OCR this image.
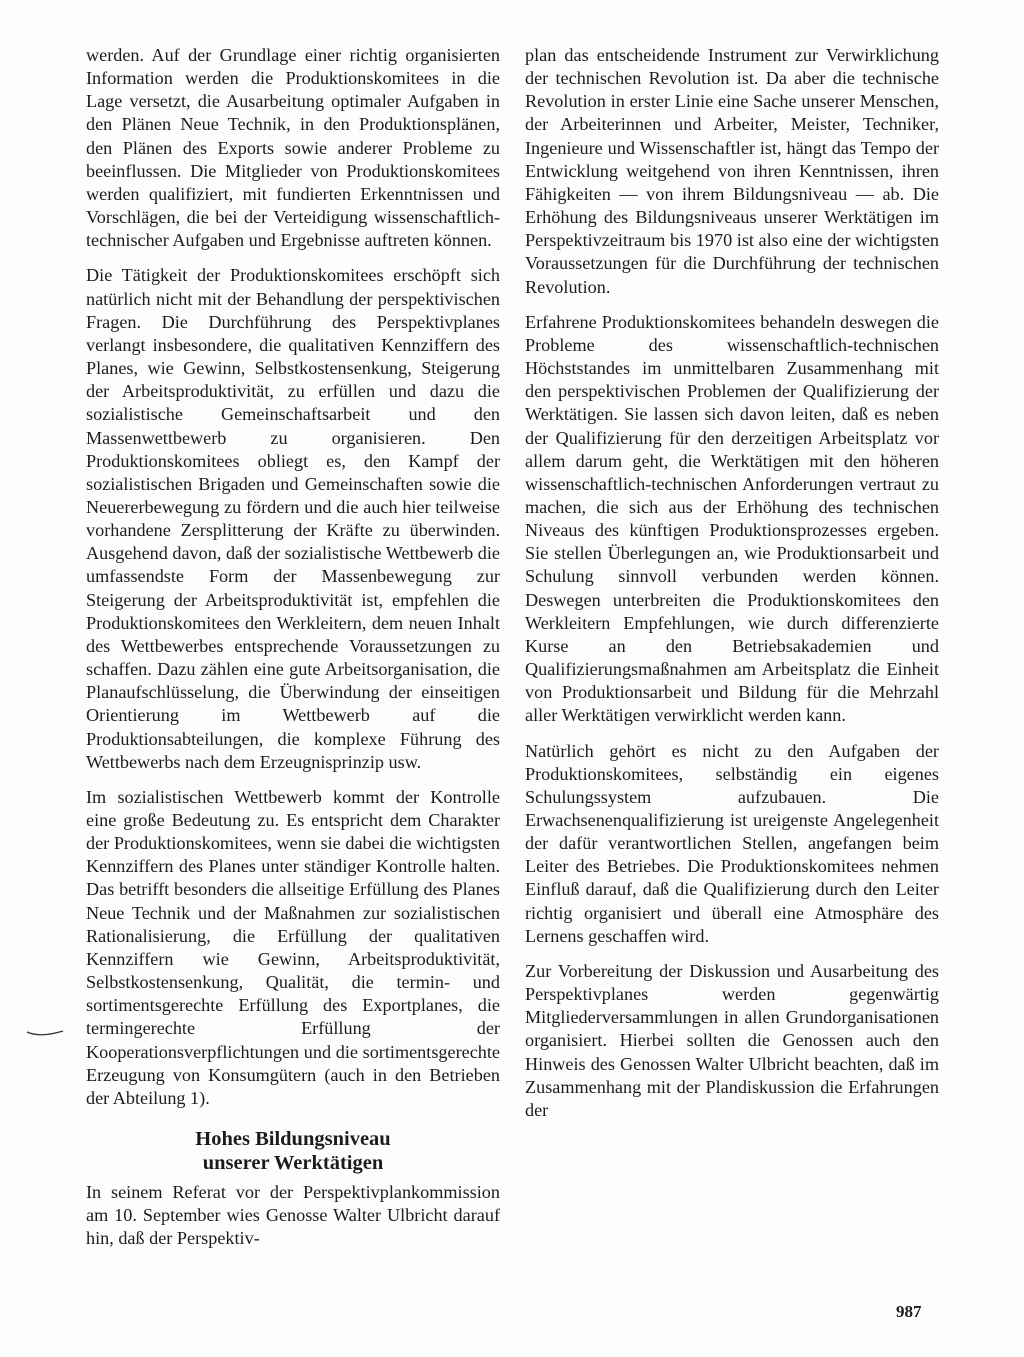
werden. Auf der Grundlage einer richtig organisierten Information werden die Produktionskomitees in die Lage versetzt, die Ausarbeitung optimaler Aufgaben in den Plänen Neue Technik, in den Produktionsplänen, den Plänen des Exports sowie anderer Probleme zu beeinflussen. Die Mitglieder von Produktionskomitees werden qualifiziert, mit fundierten Erkenntnissen und Vorschlägen, die bei der Verteidigung wissenschaftlich-technischer Aufgaben und Ergebnisse auftreten können.

Die Tätigkeit der Produktionskomitees erschöpft sich natürlich nicht mit der Behandlung der perspektivischen Fragen. Die Durchführung des Perspektivplanes verlangt insbesondere, die qualitativen Kennziffern des Planes, wie Gewinn, Selbstkostensenkung, Steigerung der Arbeitsproduktivität, zu erfüllen und dazu die sozialistische Gemeinschaftsarbeit und den Massenwettbewerb zu organisieren. Den Produktionskomitees obliegt es, den Kampf der sozialistischen Brigaden und Gemeinschaften sowie die Neuererbewegung zu fördern und die auch hier teilweise vorhandene Zersplitterung der Kräfte zu überwinden. Ausgehend davon, daß der sozialistische Wettbewerb die umfassendste Form der Massenbewegung zur Steigerung der Arbeitsproduktivität ist, empfehlen die Produktionskomitees den Werkleitern, dem neuen Inhalt des Wettbewerbes entsprechende Voraussetzungen zu schaffen. Dazu zählen eine gute Arbeitsorganisation, die Planaufschlüsselung, die Überwindung der einseitigen Orientierung im Wettbewerb auf die Produktionsabteilungen, die komplexe Führung des Wettbewerbs nach dem Erzeugnisprinzip usw.

Im sozialistischen Wettbewerb kommt der Kontrolle eine große Bedeutung zu. Es entspricht dem Charakter der Produktionskomitees, wenn sie dabei die wichtigsten Kennziffern des Planes unter ständiger Kontrolle halten. Das betrifft besonders die allseitige Erfüllung des Planes Neue Technik und der Maßnahmen zur sozialistischen Rationalisierung, die Erfüllung der qualitativen Kennziffern wie Gewinn, Arbeitsproduktivität, Selbstkostensenkung, Qualität, die termin- und sortimentsgerechte Erfüllung des Exportplanes, die termingerechte Erfüllung der Kooperationsverpflichtungen und die sortimentsgerechte Erzeugung von Konsumgütern (auch in den Betrieben der Abteilung 1).

Hohes Bildungsniveau
unserer Werktätigen

In seinem Referat vor der Perspektivplankommission am 10. September wies Genosse Walter Ulbricht darauf hin, daß der Perspektiv-

plan das entscheidende Instrument zur Verwirklichung der technischen Revolution ist. Da aber die technische Revolution in erster Linie eine Sache unserer Menschen, der Arbeiterinnen und Arbeiter, Meister, Techniker, Ingenieure und Wissenschaftler ist, hängt das Tempo der Entwicklung weitgehend von ihren Kenntnissen, ihren Fähigkeiten — von ihrem Bildungsniveau — ab. Die Erhöhung des Bildungsniveaus unserer Werktätigen im Perspektivzeitraum bis 1970 ist also eine der wichtigsten Voraussetzungen für die Durchführung der technischen Revolution.

Erfahrene Produktionskomitees behandeln deswegen die Probleme des wissenschaftlich-technischen Höchststandes im unmittelbaren Zusammenhang mit den perspektivischen Problemen der Qualifizierung der Werktätigen. Sie lassen sich davon leiten, daß es neben der Qualifizierung für den derzeitigen Arbeitsplatz vor allem darum geht, die Werktätigen mit den höheren wissenschaftlich-technischen Anforderungen vertraut zu machen, die sich aus der Erhöhung des technischen Niveaus des künftigen Produktionsprozesses ergeben. Sie stellen Überlegungen an, wie Produktionsarbeit und Schulung sinnvoll verbunden werden können. Deswegen unterbreiten die Produktionskomitees den Werkleitern Empfehlungen, wie durch differenzierte Kurse an den Betriebsakademien und Qualifizierungsmaßnahmen am Arbeitsplatz die Einheit von Produktionsarbeit und Bildung für die Mehrzahl aller Werktätigen verwirklicht werden kann.

Natürlich gehört es nicht zu den Aufgaben der Produktionskomitees, selbständig ein eigenes Schulungssystem aufzubauen. Die Erwachsenenqualifizierung ist ureigenste Angelegenheit der dafür verantwortlichen Stellen, angefangen beim Leiter des Betriebes. Die Produktionskomitees nehmen Einfluß darauf, daß die Qualifizierung durch den Leiter richtig organisiert und überall eine Atmosphäre des Lernens geschaffen wird.

Zur Vorbereitung der Diskussion und Ausarbeitung des Perspektivplanes werden gegenwärtig Mitgliederversammlungen in allen Grundorganisationen organisiert. Hierbei sollten die Genossen auch den Hinweis des Genossen Walter Ulbricht beachten, daß im Zusammenhang mit der Plandiskussion die Erfahrungen der

987
